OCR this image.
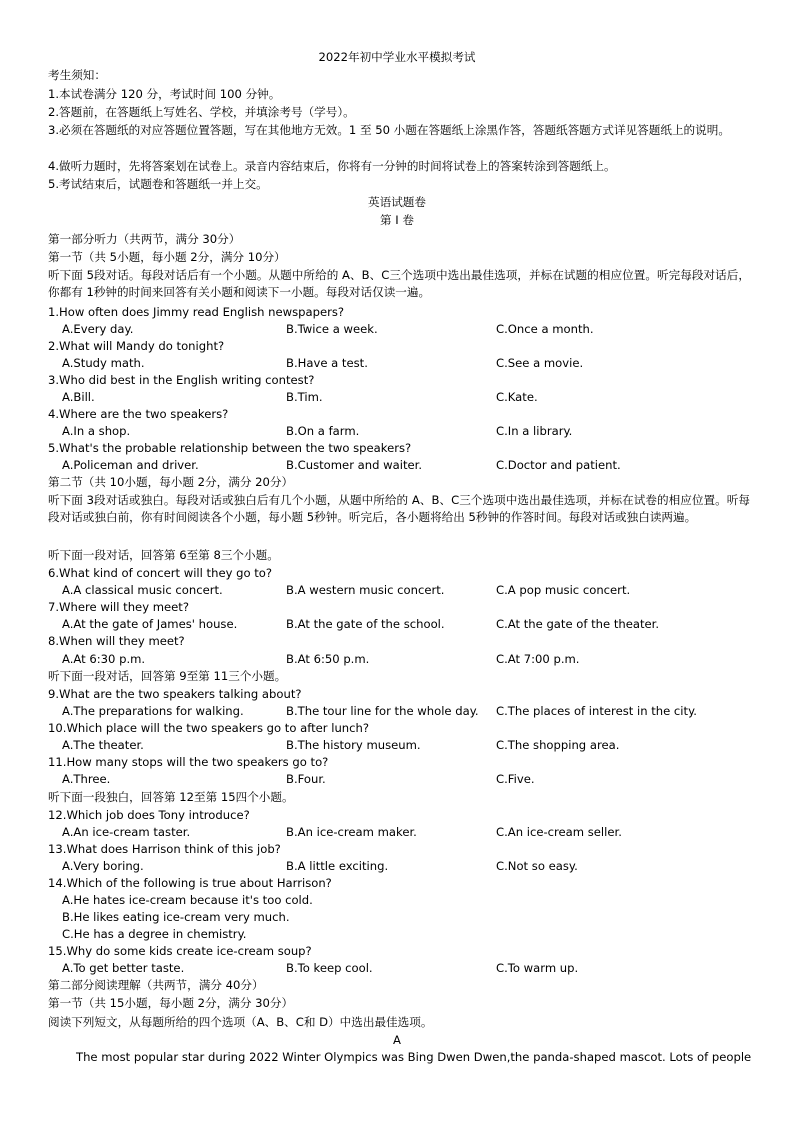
2022年初中学业水平模拟考试
考生须知：
1.本试卷满分 120 分，考试时间 100 分钟。
2.答题前，在答题纸上写姓名、学校，并填涂考号（学号）。
3.必须在答题纸的对应答题位置答题，写在其他地方无效。1 至 50 小题在答题纸上涂黑作答，答题纸答题方式详见答题纸上的说明。
4.做听力题时，先将答案划在试卷上。录音内容结束后，你将有一分钟的时间将试卷上的答案转涂到答题纸上。
5.考试结束后，试题卷和答题纸一并上交。
英语试题卷
第 I 卷
第一部分听力（共两节，满分 30分）
第一节（共 5小题，每小题 2分，满分 10分）
听下面 5段对话。每段对话后有一个小题。从题中所给的 A、B、C三个选项中选出最佳选项，并标在试题的相应位置。听完每段对话后，你都有 1秒钟的时间来回答有关小题和阅读下一小题。每段对话仅读一遍。
1.How often does Jimmy read English newspapers?
A.Every day.	B.Twice a week.	C.Once a month.
2.What will Mandy do tonight?
A.Study math.	B.Have a test.	C.See a movie.
3.Who did best in the English writing contest?
A.Bill.	B.Tim.	C.Kate.
4.Where are the two speakers?
A.In a shop.	B.On a farm.	C.In a library.
5.What's the probable relationship between the two speakers?
A.Policeman and driver.	B.Customer and waiter.	C.Doctor and patient.
第二节（共 10小题，每小题 2分，满分 20分）
听下面 3段对话或独白。每段对话或独白后有几个小题，从题中所给的 A、B、C三个选项中选出最佳选项，并标在试卷的相应位置。听每段对话或独白前，你有时间阅读各个小题，每小题 5秒钟。听完后，各小题将给出 5秒钟的作答时间。每段对话或独白读两遍。
听下面一段对话，回答第 6至第 8三个小题。
6.What kind of concert will they go to?
A.A classical music concert.	B.A western music concert.	C.A pop music concert.
7.Where will they meet?
A.At the gate of James' house.	B.At the gate of the school.	C.At the gate of the theater.
8.When will they meet?
A.At 6:30 p.m.	B.At 6:50 p.m.	C.At 7:00 p.m.
听下面一段对话，回答第 9至第 11三个小题。
9.What are the two speakers talking about?
A.The preparations for walking.	B.The tour line for the whole day. C.The places of interest in the city.
10.Which place will the two speakers go to after lunch?
A.The theater.	B.The history museum.	C.The shopping area.
11.How many stops will the two speakers go to?
A.Three.	B.Four.	C.Five.
听下面一段独白，回答第 12至第 15四个小题。
12.Which job does Tony introduce?
A.An ice-cream taster.	B.An ice-cream maker.	C.An ice-cream seller.
13.What does Harrison think of this job?
A.Very boring.	B.A little exciting.	C.Not so easy.
14.Which of the following is true about Harrison?
A.He hates ice-cream because it's too cold.
B.He likes eating ice-cream very much.
C.He has a degree in chemistry.
15.Why do some kids create ice-cream soup?
A.To get better taste.	B.To keep cool.	C.To warm up.
第二部分阅读理解（共两节，满分 40分）
第一节（共 15小题，每小题 2分，满分 30分）
阅读下列短文，从每题所给的四个选项（A、B、C和 D）中选出最佳选项。
A
The most popular star during 2022 Winter Olympics was Bing Dwen Dwen,the panda-shaped mascot. Lots of people
